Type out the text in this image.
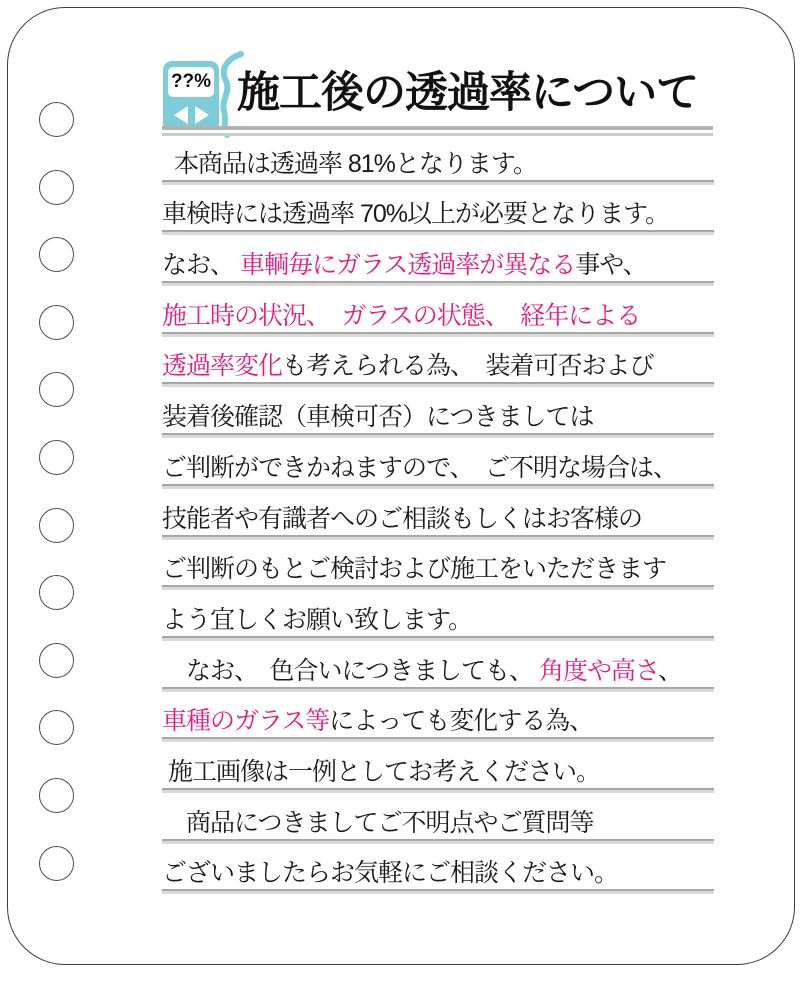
??% 施工後の透過率について
本商品は透過率 81%となります。
車検時には透過率 70%以上が必要となります。
なお、 車輌毎にガラス透過率が異なる事や、
施工時の状況、　ガラスの状態、　経年による
透過率変化も考えられる為、　装着可否および
装着後確認（車検可否）につきましては
ご判断ができかねますので、　ご不明な場合は、
技能者や有識者へのご相談もしくはお客様の
ご判断のもとご検討および施工をいただきます
よう宜しくお願い致します。
　なお、　色合いにつきましても、 角度や高さ、
車種のガラス等によっても変化する為、
施工画像は一例としてお考えください。
　商品につきましてご不明点やご質問等
ございましたらお気軽にご相談ください。
